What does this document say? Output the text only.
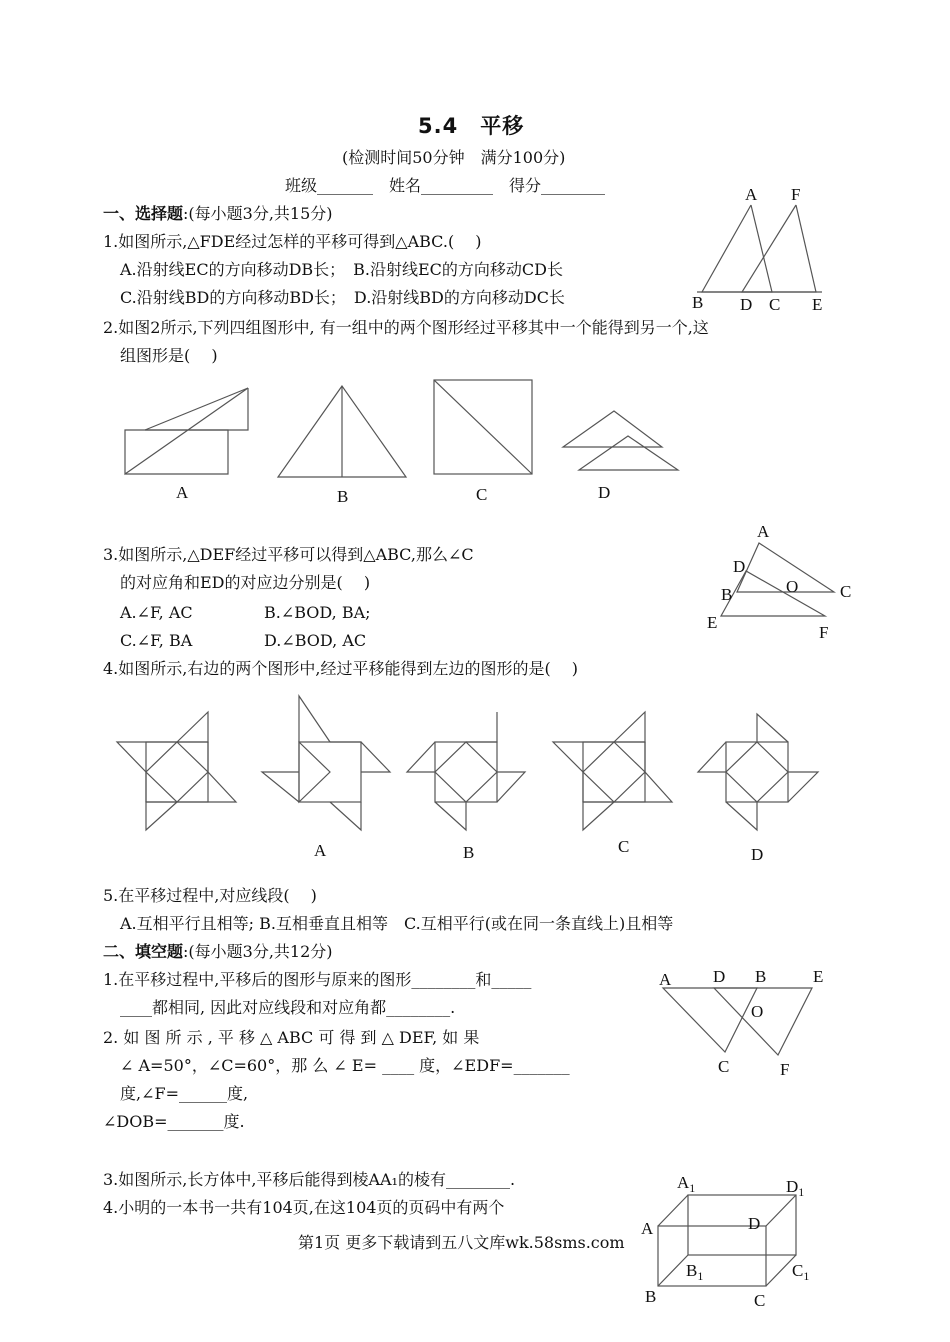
5.4　平移
(检测时间50分钟　满分100分)
班级_______　姓名_________　得分________
一、选择题:(每小题3分,共15分)
1.如图所示,△FDE经过怎样的平移可得到△ABC.(　 )
A.沿射线EC的方向移动DB长；　B.沿射线EC的方向移动CD长
C.沿射线BD的方向移动BD长；　D.沿射线BD的方向移动DC长
2.如图2所示,下列四组图形中, 有一组中的两个图形经过平移其中一个能得到另一个,这
组图形是(　 )
3.如图所示,△DEF经过平移可以得到△ABC,那么∠C
的对应角和ED的对应边分别是(　 )
A.∠F, AC	B.∠BOD, BA;
C.∠F, BA	D.∠BOD, AC
4.如图所示,右边的两个图形中,经过平移能得到左边的图形的是(　 )
5.在平移过程中,对应线段(　 )
A.互相平行且相等; B.互相垂直且相等　C.互相平行(或在同一条直线上)且相等
二、填空题:(每小题3分,共12分)
1.在平移过程中,平移后的图形与原来的图形________和_____
____都相同, 因此对应线段和对应角都________.
2. 如 图 所 示 , 平 移 △ ABC 可 得 到 △ DEF, 如 果
∠ A=50°，∠C=60°，那 么 ∠ E= ____ 度，∠EDF=_______
度,∠F=______度,
∠DOB=_______度.
3.如图所示,长方体中,平移后能得到棱AA₁的棱有________.
4.小明的一本书一共有104页,在这104页的页码中有两个
第1页 更多下载请到五八文库wk.58sms.com
A F
B D C E
A	B	C	D
A
D
B	O C
E
F
A	B	C	D
A D B	E
O
C	F
$A_1$	$D_1$
A	D
$B_1$	$C_1$
B	C
